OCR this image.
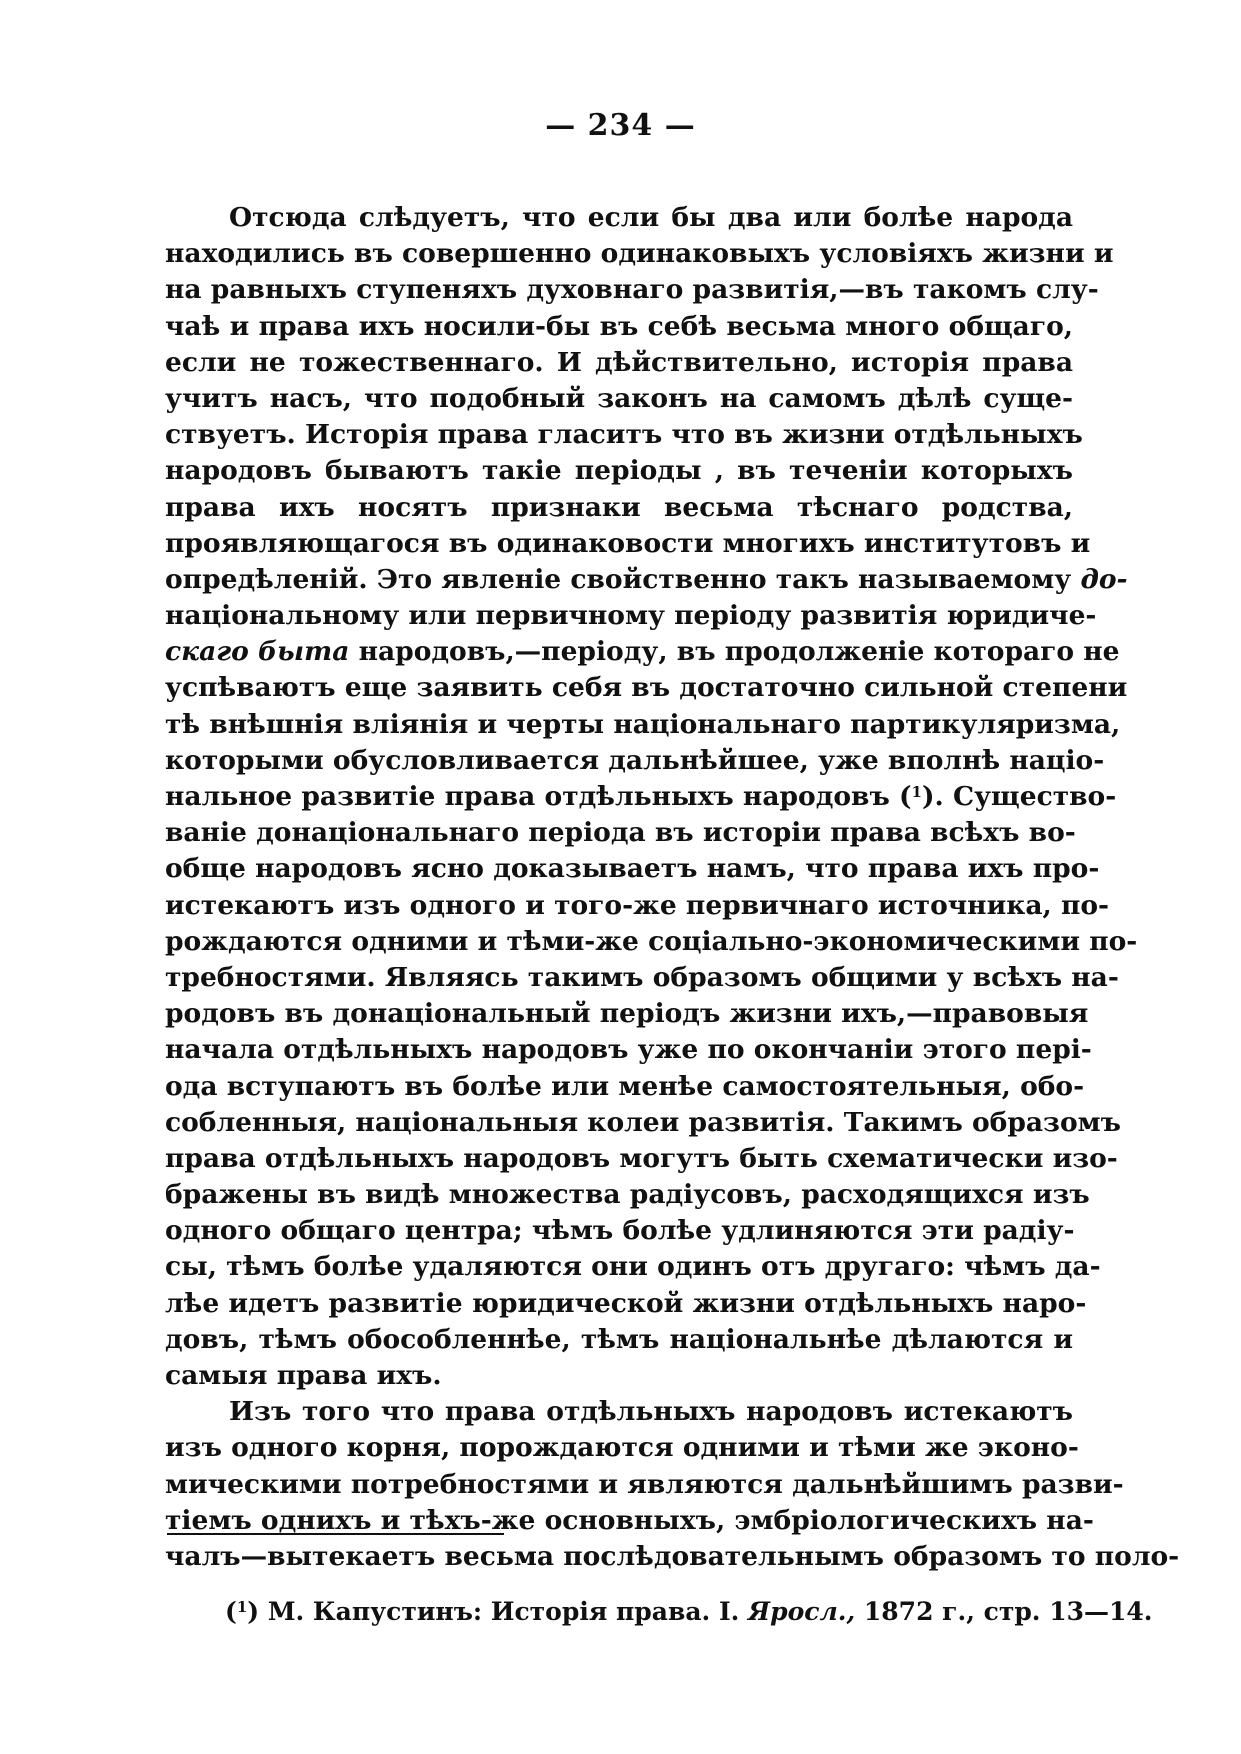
— 234 —
Отсюда слѣдуетъ, что если бы два или болѣе народа
находились въ совершенно одинаковыхъ условіяхъ жизни и
на равныхъ ступеняхъ духовнаго развитія,—въ такомъ слу-
чаѣ и права ихъ носили-бы въ себѣ весьма много общаго,
если не тожественнаго. И дѣйствительно, исторія права
учитъ насъ, что подобный законъ на самомъ дѣлѣ суще-
ствуетъ. Исторія права гласитъ что въ жизни отдѣльныхъ
народовъ бываютъ такіе періоды , въ теченіи которыхъ
права ихъ носятъ признаки весьма тѣснаго родства,
проявляющагося въ одинаковости многихъ институтовъ и
опредѣленій. Это явленіе свойственно такъ называемому до-
національному или первичному періоду развитія юридиче-
скаго быта народовъ,—періоду, въ продолженіе котораго не
успѣваютъ еще заявить себя въ достаточно сильной степени
тѣ внѣшнія вліянія и черты національнаго партикуляризма,
которыми обусловливается дальнѣйшее, уже вполнѣ націо-
нальное развитіе права отдѣльныхъ народовъ ($^1$). Существо-
ваніе донаціональнаго періода въ исторіи права всѣхъ во-
обще народовъ ясно доказываетъ намъ, что права ихъ про-
истекаютъ изъ одного и того-же первичнаго источника, по-
рождаются одними и тѣми-же соціально-экономическими по-
требностями. Являясь такимъ образомъ общими у всѣхъ на-
родовъ въ донаціональный періодъ жизни ихъ,—правовыя
начала отдѣльныхъ народовъ уже по окончаніи этого пері-
ода вступаютъ въ болѣе или менѣе самостоятельныя, обо-
собленныя, національныя колеи развитія. Такимъ образомъ
права отдѣльныхъ народовъ могутъ быть схематически изо-
бражены въ видѣ множества радіусовъ, расходящихся изъ
одного общаго центра; чѣмъ болѣе удлиняются эти радіу-
сы, тѣмъ болѣе удаляются они одинъ отъ другаго: чѣмъ да-
лѣе идетъ развитіе юридической жизни отдѣльныхъ наро-
довъ, тѣмъ обособленнѣе, тѣмъ національнѣе дѣлаются и
самыя права ихъ.
Изъ того что права отдѣльныхъ народовъ истекаютъ
изъ одного корня, порождаются одними и тѣми же эконо-
мическими потребностями и являются дальнѣйшимъ разви-
тіемъ однихъ и тѣхъ-же основныхъ, эмбріологическихъ на-
чалъ—вытекаетъ весьма послѣдовательнымъ образомъ то поло-
($^1$) М. Капустинъ: Исторія права. I. Яросл., 1872 г., стр. 13—14.
